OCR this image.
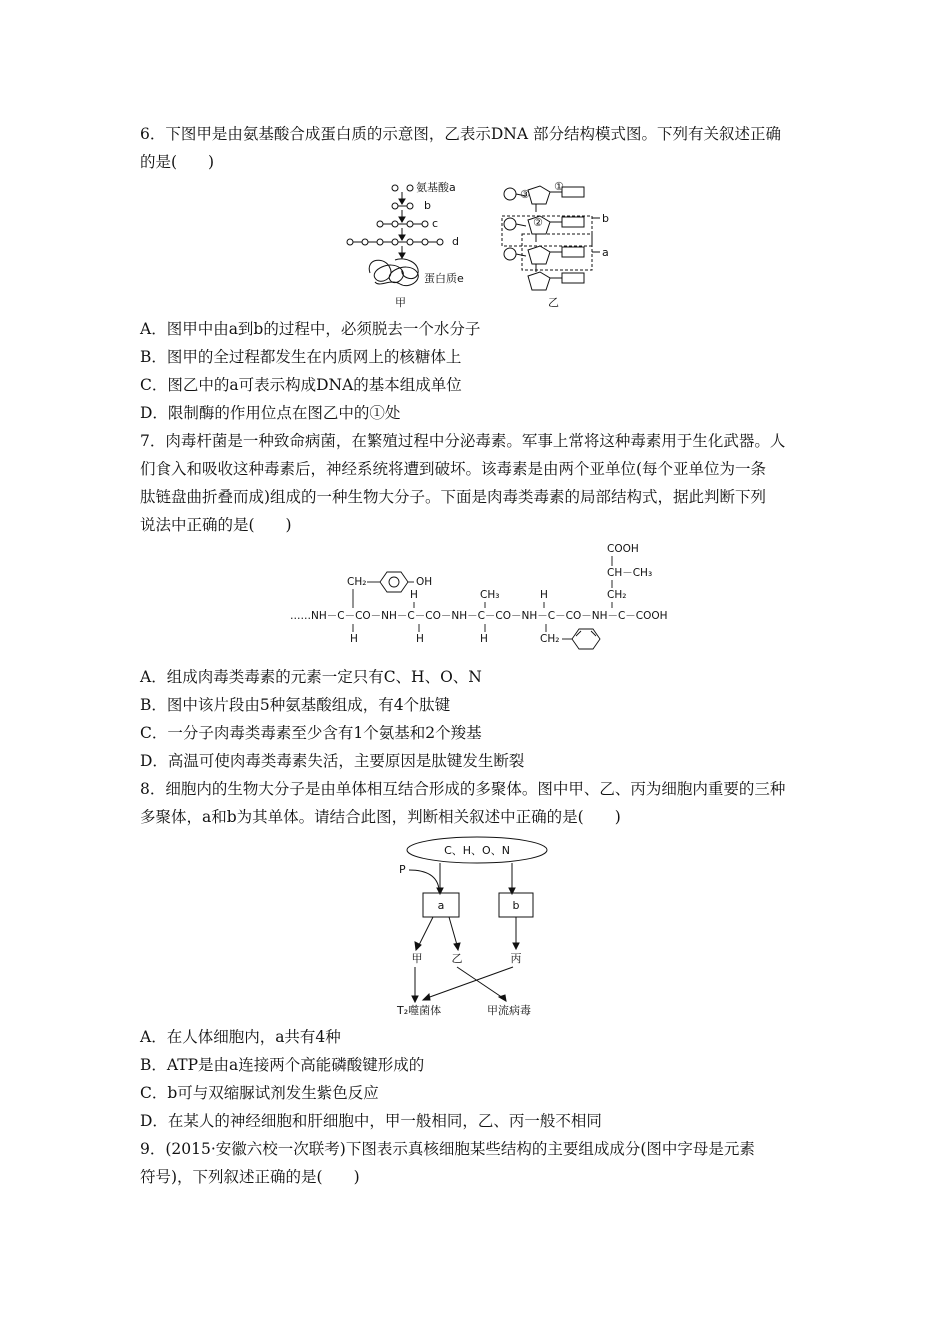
6．下图甲是由氨基酸合成蛋白质的示意图，乙表示DNA 部分结构模式图。下列有关叙述正确
的是(　　)
氨基酸a
b
c
d
蛋白质e
甲
③
①
②	b
a
乙
A．图甲中由a到b的过程中，必须脱去一个水分子
B．图甲的全过程都发生在内质网上的核糖体上
C．图乙中的a可表示构成DNA的基本组成单位
D．限制酶的作用位点在图乙中的①处
7．肉毒杆菌是一种致命病菌，在繁殖过程中分泌毒素。军事上常将这种毒素用于生化武器。人
们食入和吸收这种毒素后，神经系统将遭到破坏。该毒素是由两个亚单位(每个亚单位为一条
肽链盘曲折叠而成)组成的一种生物大分子。下面是肉毒类毒素的局部结构式，据此判断下列
说法中正确的是(　　)
COOH
CH－CH₃
CH₂
CH₂	OH
CH₃
H	H
……NH－C－CO－NH－C－CO－NH－C－CO－NH－C－CO－NH－C－COOH
H	H	H	CH₂
A．组成肉毒类毒素的元素一定只有C、H、O、N
B．图中该片段由5种氨基酸组成，有4个肽键
C．一分子肉毒类毒素至少含有1个氨基和2个羧基
D．高温可使肉毒类毒素失活，主要原因是肽键发生断裂
8．细胞内的生物大分子是由单体相互结合形成的多聚体。图中甲、乙、丙为细胞内重要的三种
多聚体，a和b为其单体。请结合此图，判断相关叙述中正确的是(　　)
C、H、O、N
P
a	b
甲	乙	丙
T₂噬菌体	甲流病毒
A．在人体细胞内，a共有4种
B．ATP是由a连接两个高能磷酸键形成的
C．b可与双缩脲试剂发生紫色反应
D．在某人的神经细胞和肝细胞中，甲一般相同，乙、丙一般不相同
9．(2015·安徽六校一次联考)下图表示真核细胞某些结构的主要组成成分(图中字母是元素
符号)，下列叙述正确的是(　　)
